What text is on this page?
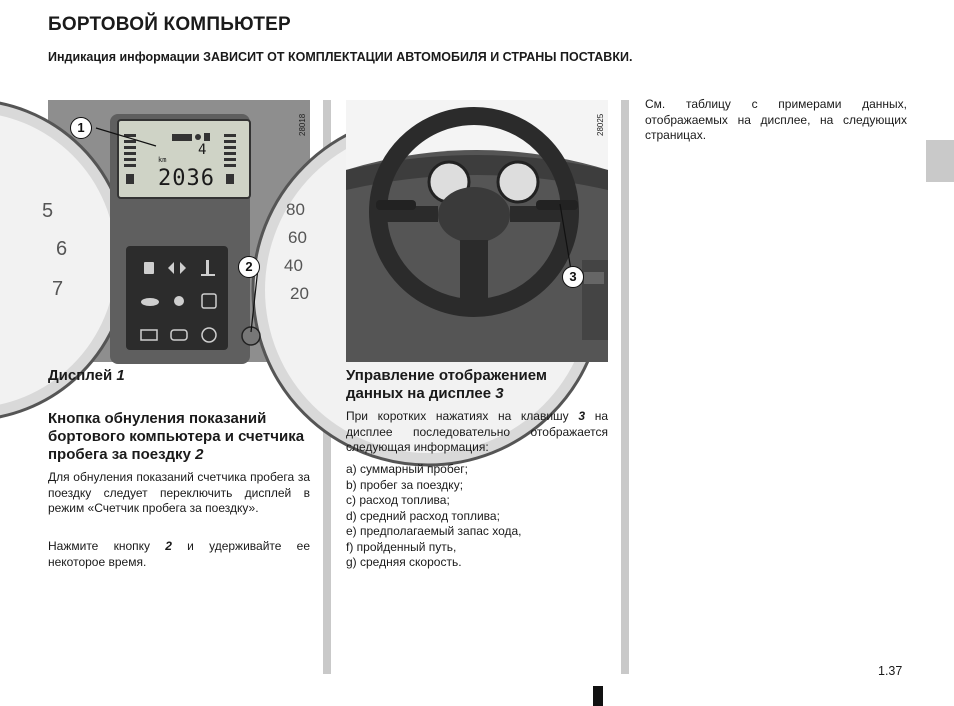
БОРТОВОЙ КОМПЬЮТЕР
Индикация информации ЗАВИСИТ ОТ КОМПЛЕКТАЦИИ АВТОМОБИЛЯ И СТРАНЫ ПОСТАВКИ.
4
km
2036
6
7
5	80
60
40
20
1
2
28018
3
28025
Дисплей 1
Кнопка обнуления показаний бортового компьютера и счетчика пробега за поездку 2
Для обнуления показаний счетчика пробега за поездку следует переключить дисплей в режим «Счетчик пробега за поездку».
Нажмите кнопку 2 и удерживайте ее некоторое время.
Управление отображением данных на дисплее 3
При коротких нажатиях на клавишу 3 на дисплее последовательно отображается следующая информация:
a) суммарный пробег;
b) пробег за поездку;
c) расход топлива;
d) средний расход топлива;
e) предполагаемый запас хода,
f) пройденный путь,
g) средняя скорость.
См. таблицу с примерами данных, отображаемых на дисплее, на следующих страницах.
1.37
